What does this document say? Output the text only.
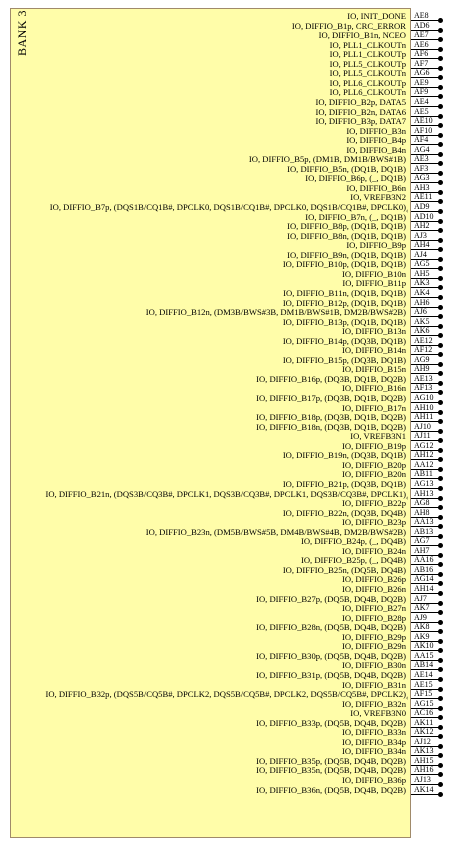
BANK 3	IO, INIT_DONE AE8
IO, DIFFIO_B1p, CRC_ERROR AD6
IO, DIFFIO_B1n, NCEO AE7
IO, PLL1_CLKOUTn AE6
IO, PLL1_CLKOUTp AF6
IO, PLL5_CLKOUTp AF7
IO, PLL5_CLKOUTn AG6
IO, PLL6_CLKOUTp AE9
IO, PLL6_CLKOUTn AF9
IO, DIFFIO_B2p, DATA5 AE4
IO, DIFFIO_B2n, DATA6 AE5
IO, DIFFIO_B3p, DATA7 AE10
IO, DIFFIO_B3n AF10
IO, DIFFIO_B4p AF4
IO, DIFFIO_B4n AG4
IO, DIFFIO_B5p, (DM1B, DM1B/BWS#1B) AE3
IO, DIFFIO_B5n, (DQ1B, DQ1B) AF3
IO, DIFFIO_B6p, (_, DQ1B) AG3
IO, DIFFIO_B6n AH3
IO, VREFB3N2 AE11
IO, DIFFIO_B7p, (DQS1B/CQ1B#, DPCLK0, DQS1B/CQ1B#, DPCLK0, DQS1B/CQ1B#, DPCLK0) AD9
‹
IO, DIFFIO_B7n, (_, DQ1B) AD10
IO, DIFFIO_B8p, (DQ1B, DQ1B) AH2
IO, DIFFIO_B8n, (DQ1B, DQ1B) AJ3
IO, DIFFIO_B9p AH4
IO, DIFFIO_B9n, (DQ1B, DQ1B) AJ4
IO, DIFFIO_B10p, (DQ1B, DQ1B) AG5
IO, DIFFIO_B10n AH5
IO, DIFFIO_B11p AK3
IO, DIFFIO_B11n, (DQ1B, DQ1B) AK4
IO, DIFFIO_B12p, (DQ1B, DQ1B) AH6
IO, DIFFIO_B12n, (DM3B/BWS#3B, DM1B/BWS#1B, DM2B/BWS#2B) AJ6
IO, DIFFIO_B13p, (DQ1B, DQ1B) AK5
IO, DIFFIO_B13n AK6
IO, DIFFIO_B14p, (DQ3B, DQ1B) AE12
IO, DIFFIO_B14n AF12
IO, DIFFIO_B15p, (DQ3B, DQ1B) AG9
IO, DIFFIO_B15n AH9
IO, DIFFIO_B16p, (DQ3B, DQ1B, DQ2B) AE13
IO, DIFFIO_B16n AF13
IO, DIFFIO_B17p, (DQ3B, DQ1B, DQ2B) AG10
IO, DIFFIO_B17n AH10
IO, DIFFIO_B18p, (DQ3B, DQ1B, DQ2B) AH11
IO, DIFFIO_B18n, (DQ3B, DQ1B, DQ2B) AJ10
IO, VREFB3N1 AJ11
IO, DIFFIO_B19p AG12
IO, DIFFIO_B19n, (DQ3B, DQ1B) AH12
IO, DIFFIO_B20p AA12
IO, DIFFIO_B20n AB11
IO, DIFFIO_B21p, (DQ3B, DQ1B) AG13
IO, DIFFIO_B21n, (DQS3B/CQ3B#, DPCLK1, DQS3B/CQ3B#, DPCLK1, DQS3B/CQ3B#, DPCLK1) AH13
‹
IO, DIFFIO_B22p AG8
IO, DIFFIO_B22n, (DQ3B, DQ4B) AH8
IO, DIFFIO_B23p AA13
IO, DIFFIO_B23n, (DM5B/BWS#5B, DM4B/BWS#4B, DM2B/BWS#2B) AB13
IO, DIFFIO_B24p, (_, DQ4B) AG7
IO, DIFFIO_B24n AH7
IO, DIFFIO_B25p, (_, DQ4B) AA16
IO, DIFFIO_B25n, (DQ5B, DQ4B) AB16
IO, DIFFIO_B26p AG14
IO, DIFFIO_B26n AH14
IO, DIFFIO_B27p, (DQ5B, DQ4B, DQ2B) AJ7
IO, DIFFIO_B27n AK7
IO, DIFFIO_B28p AJ9
IO, DIFFIO_B28n, (DQ5B, DQ4B, DQ2B) AK8
IO, DIFFIO_B29p AK9
IO, DIFFIO_B29n AK10
IO, DIFFIO_B30p, (DQ5B, DQ4B, DQ2B) AA15
IO, DIFFIO_B30n AB14
IO, DIFFIO_B31p, (DQ5B, DQ4B, DQ2B) AE14
IO, DIFFIO_B31n AE15
IO, DIFFIO_B32p, (DQS5B/CQ5B#, DPCLK2, DQS5B/CQ5B#, DPCLK2, DQS5B/CQ5B#, DPCLK2) AF15
‹
IO, DIFFIO_B32n AG15
IO, VREFB3N0 AC16
IO, DIFFIO_B33p, (DQ5B, DQ4B, DQ2B) AK11
IO, DIFFIO_B33n AK12
IO, DIFFIO_B34p AJ12
IO, DIFFIO_B34n AK13
IO, DIFFIO_B35p, (DQ5B, DQ4B, DQ2B) AH15
IO, DIFFIO_B35n, (DQ5B, DQ4B, DQ2B) AH16
IO, DIFFIO_B36p AJ13
IO, DIFFIO_B36n, (DQ5B, DQ4B, DQ2B) AK14
